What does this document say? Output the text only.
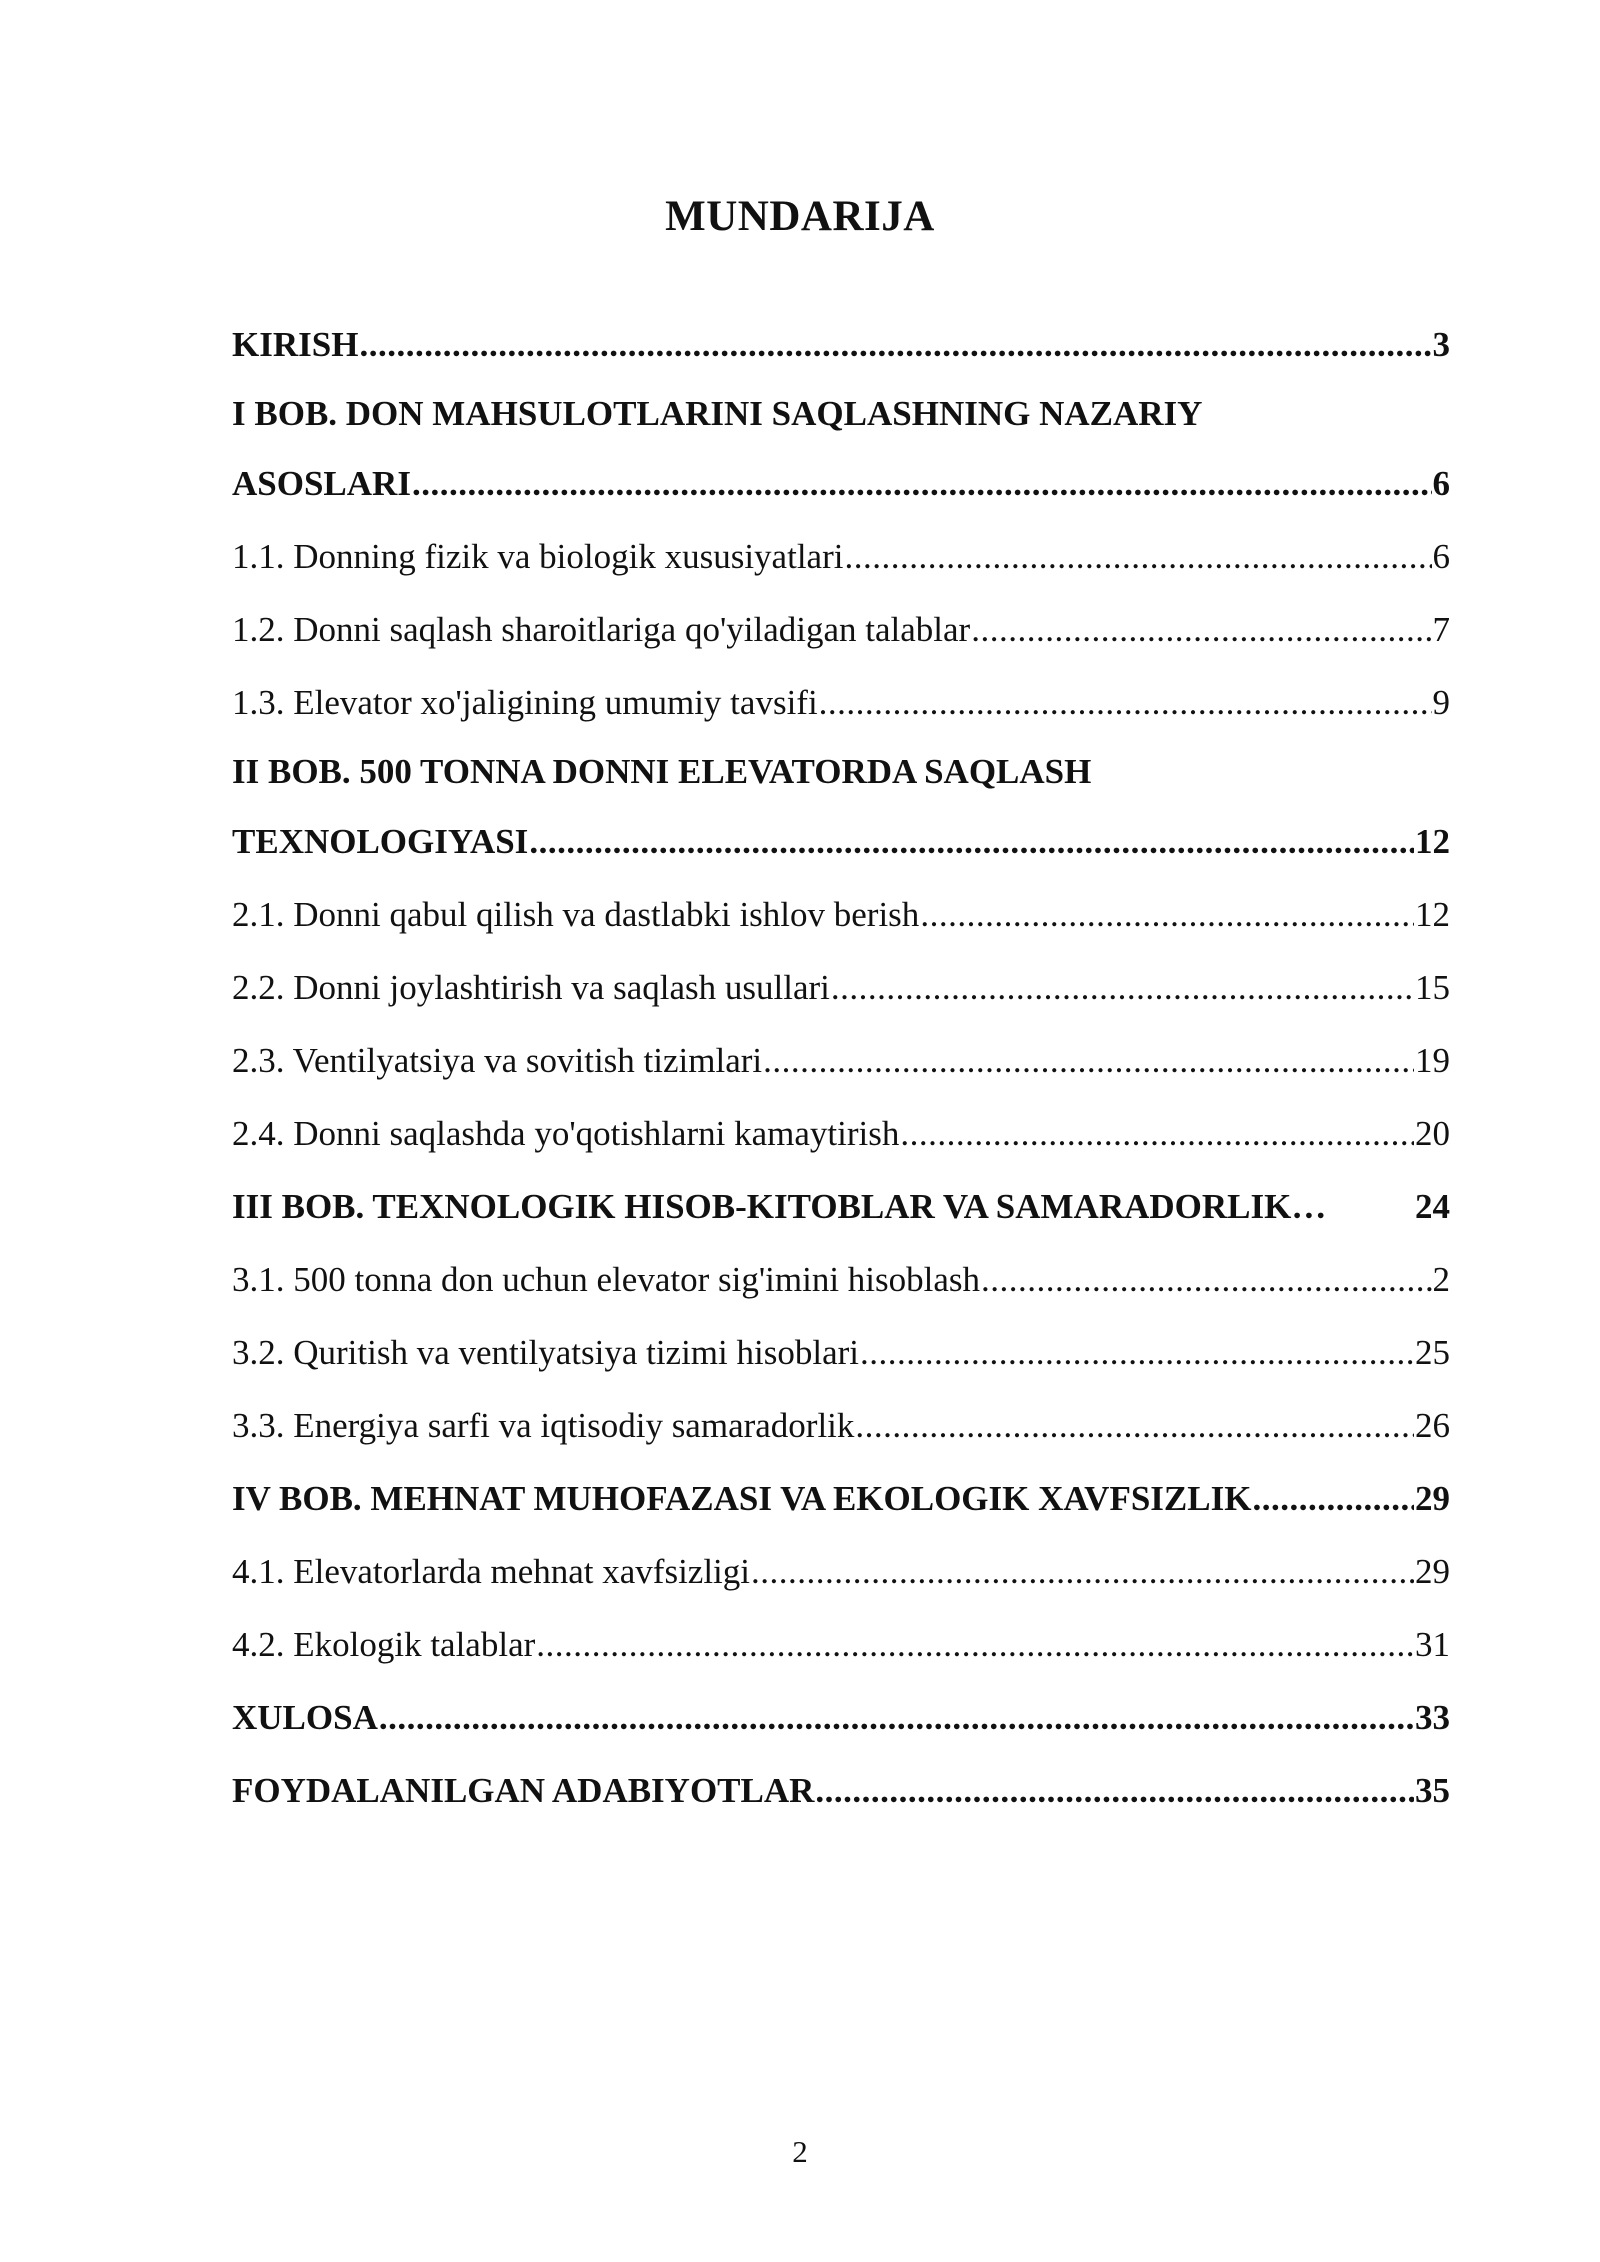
MUNDARIJA
KIRISH .....	3
I BOB. DON MAHSULOTLARINI SAQLASHNING NAZARIY
ASOSLARI .....	6
1.1. Donning fizik va biologik xususiyatlari .....	6
1.2. Donni saqlash sharoitlariga qo'yiladigan talablar .....	7
1.3. Elevator xo'jaligining umumiy tavsifi .....	9
II BOB. 500 TONNA DONNI ELEVATORDA SAQLASH
TEXNOLOGIYASI .....	12
2.1. Donni qabul qilish va dastlabki ishlov berish .....	12
2.2. Donni joylashtirish va saqlash usullari .....	15
2.3. Ventilyatsiya va sovitish tizimlari .....	19
2.4. Donni saqlashda yo'qotishlarni kamaytirish .....	20
III BOB. TEXNOLOGIK HISOB-KITOBLAR VA SAMARADORLIK…	24
3.1. 500 tonna don uchun elevator sig'imini hisoblash .....	2
3.2. Quritish va ventilyatsiya tizimi hisoblari .....	25
3.3. Energiya sarfi va iqtisodiy samaradorlik .....	26
IV BOB. MEHNAT MUHOFAZASI VA EKOLOGIK XAVFSIZLIK .....	29
4.1. Elevatorlarda mehnat xavfsizligi .....	29
4.2. Ekologik talablar .....	31
XULOSA .....	33
FOYDALANILGAN ADABIYOTLAR .....	35
2
